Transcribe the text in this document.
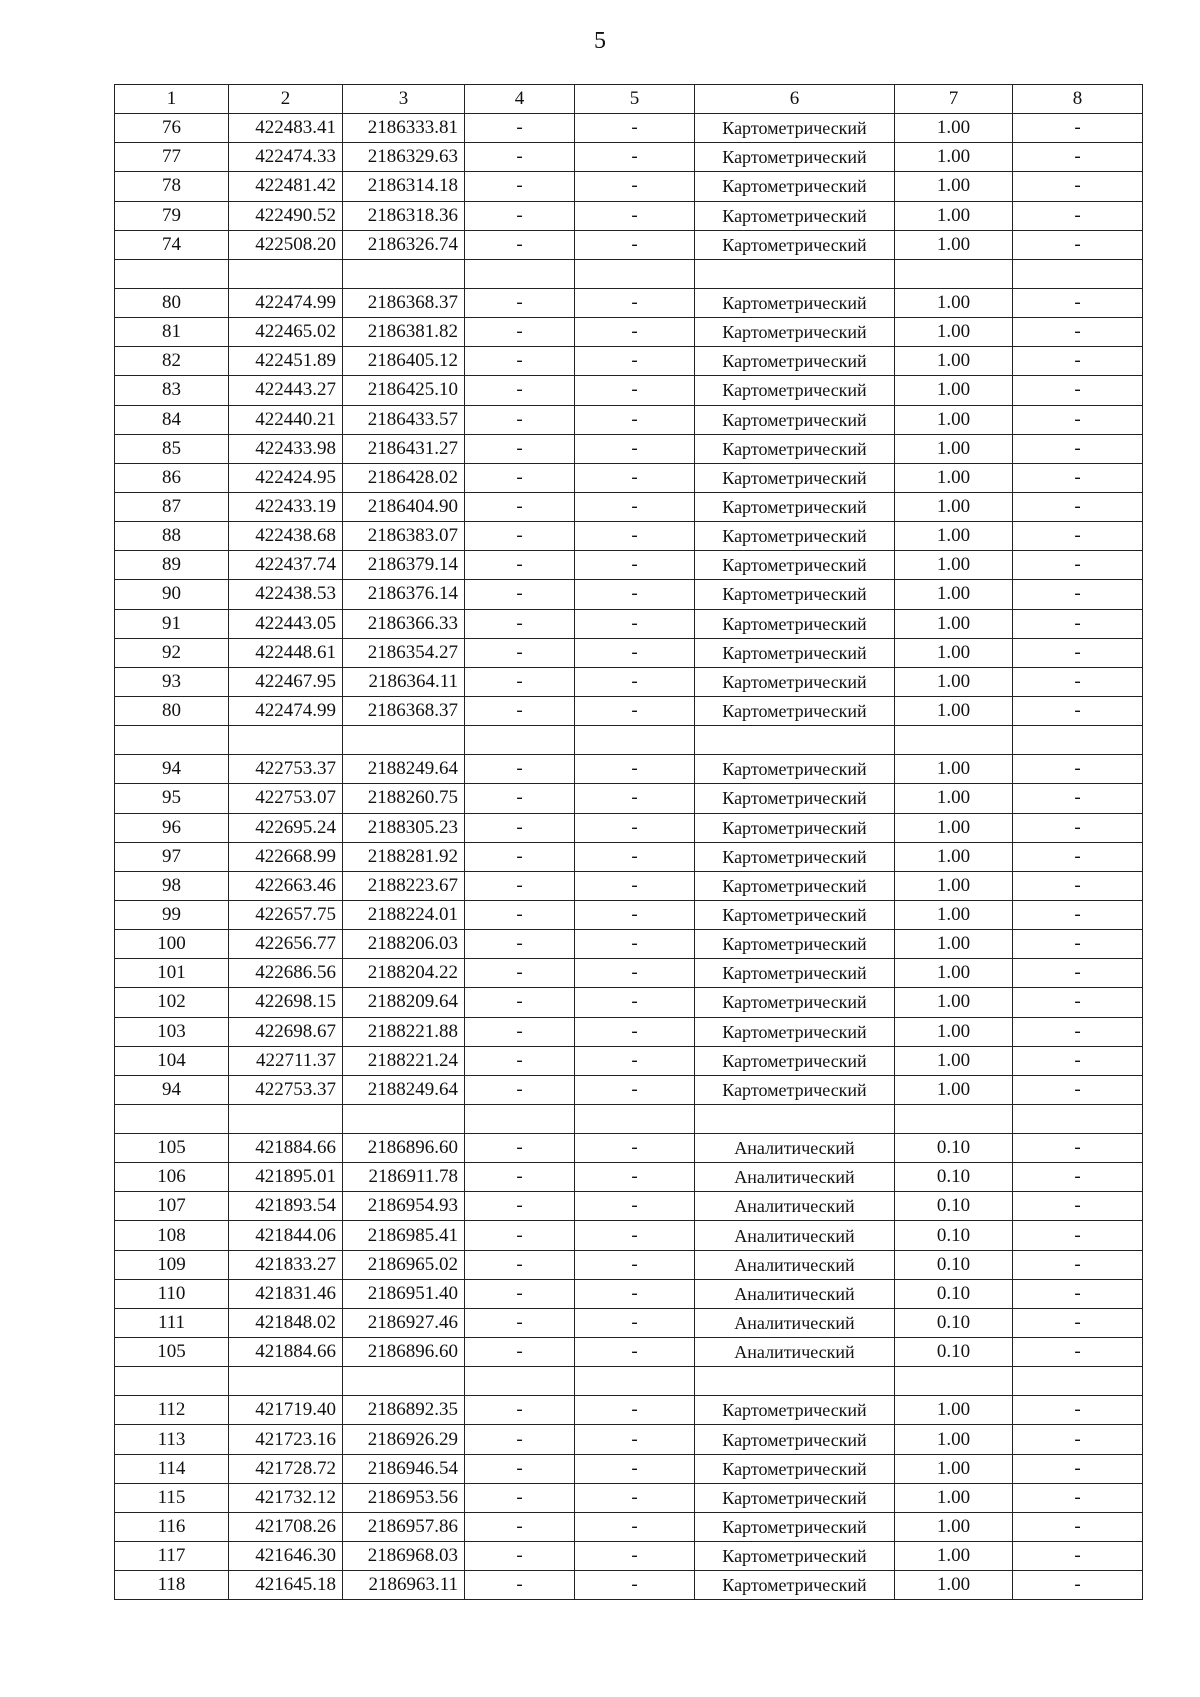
5
1	2	3	4	5	6	7	8
76	422483.41	2186333.81	-	-	Картометрический	1.00	-
77	422474.33	2186329.63	-	-	Картометрический	1.00	-
78	422481.42	2186314.18	-	-	Картометрический	1.00	-
79	422490.52	2186318.36	-	-	Картометрический	1.00	-
74	422508.20	2186326.74	-	-	Картометрический	1.00	-

80	422474.99	2186368.37	-	-	Картометрический	1.00	-
81	422465.02	2186381.82	-	-	Картометрический	1.00	-
82	422451.89	2186405.12	-	-	Картометрический	1.00	-
83	422443.27	2186425.10	-	-	Картометрический	1.00	-
84	422440.21	2186433.57	-	-	Картометрический	1.00	-
85	422433.98	2186431.27	-	-	Картометрический	1.00	-
86	422424.95	2186428.02	-	-	Картометрический	1.00	-
87	422433.19	2186404.90	-	-	Картометрический	1.00	-
88	422438.68	2186383.07	-	-	Картометрический	1.00	-
89	422437.74	2186379.14	-	-	Картометрический	1.00	-
90	422438.53	2186376.14	-	-	Картометрический	1.00	-
91	422443.05	2186366.33	-	-	Картометрический	1.00	-
92	422448.61	2186354.27	-	-	Картометрический	1.00	-
93	422467.95	2186364.11	-	-	Картометрический	1.00	-
80	422474.99	2186368.37	-	-	Картометрический	1.00	-

94	422753.37	2188249.64	-	-	Картометрический	1.00	-
95	422753.07	2188260.75	-	-	Картометрический	1.00	-
96	422695.24	2188305.23	-	-	Картометрический	1.00	-
97	422668.99	2188281.92	-	-	Картометрический	1.00	-
98	422663.46	2188223.67	-	-	Картометрический	1.00	-
99	422657.75	2188224.01	-	-	Картометрический	1.00	-
100	422656.77	2188206.03	-	-	Картометрический	1.00	-
101	422686.56	2188204.22	-	-	Картометрический	1.00	-
102	422698.15	2188209.64	-	-	Картометрический	1.00	-
103	422698.67	2188221.88	-	-	Картометрический	1.00	-
104	422711.37	2188221.24	-	-	Картометрический	1.00	-
94	422753.37	2188249.64	-	-	Картометрический	1.00	-

105	421884.66	2186896.60	-	-	Аналитический	0.10	-
106	421895.01	2186911.78	-	-	Аналитический	0.10	-
107	421893.54	2186954.93	-	-	Аналитический	0.10	-
108	421844.06	2186985.41	-	-	Аналитический	0.10	-
109	421833.27	2186965.02	-	-	Аналитический	0.10	-
110	421831.46	2186951.40	-	-	Аналитический	0.10	-
111	421848.02	2186927.46	-	-	Аналитический	0.10	-
105	421884.66	2186896.60	-	-	Аналитический	0.10	-

112	421719.40	2186892.35	-	-	Картометрический	1.00	-
113	421723.16	2186926.29	-	-	Картометрический	1.00	-
114	421728.72	2186946.54	-	-	Картометрический	1.00	-
115	421732.12	2186953.56	-	-	Картометрический	1.00	-
116	421708.26	2186957.86	-	-	Картометрический	1.00	-
117	421646.30	2186968.03	-	-	Картометрический	1.00	-
118	421645.18	2186963.11	-	-	Картометрический	1.00	-
